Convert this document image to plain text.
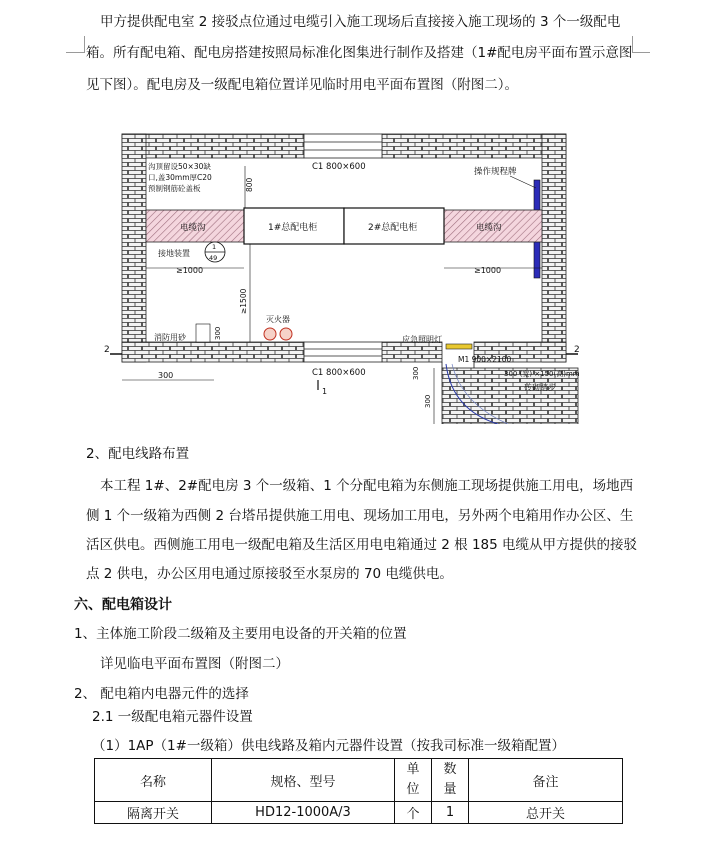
甲方提供配电室 2 接驳点位通过电缆引入施工现场后直接接入施工现场的 3 个一级配电
箱。所有配电箱、配电房搭建按照局标准化图集进行制作及搭建（1#配电房平面布置示意图
见下图）。配电房及一级配电箱位置详见临时用电平面布置图（附图二）。
C1 800×600
C1 800×600
操作规程牌
沟顶留设50×30缺
口,盖30mm厚C20
预制钢筋砼盖板	800
电缆沟	电缆沟
1#总配电柜	2#总配电柜
接地装置
1
49
≥1000	≥1000
≥1500
消防用砂	300
灭火器
应急照明灯
M1 900×2100
300 (宽) ×150(高)mm
砖砌踏步
300
300
300
2	2
1
2、配电线路布置
本工程 1#、2#配电房 3 个一级箱、1 个分配电箱为东侧施工现场提供施工用电，场地西
侧 1 个一级箱为西侧 2 台塔吊提供施工用电、现场加工用电，另外两个电箱用作办公区、生
活区供电。西侧施工用电一级配电箱及生活区用电电箱通过 2 根 185 电缆从甲方提供的接驳
点 2 供电，办公区用电通过原接驳至水泵房的 70 电缆供电。
六、配电箱设计
1、主体施工阶段二级箱及主要用电设备的开关箱的位置
详见临电平面布置图（附图二）
2、 配电箱内电器元件的选择
2.1 一级配电箱元器件设置
（1）1AP（1#一级箱）供电线路及箱内元器件设置（按我司标准一级箱配置）
名称	规格、型号	单位	数量	备注
隔离开关	HD12-1000A/3	个	1	总开关
